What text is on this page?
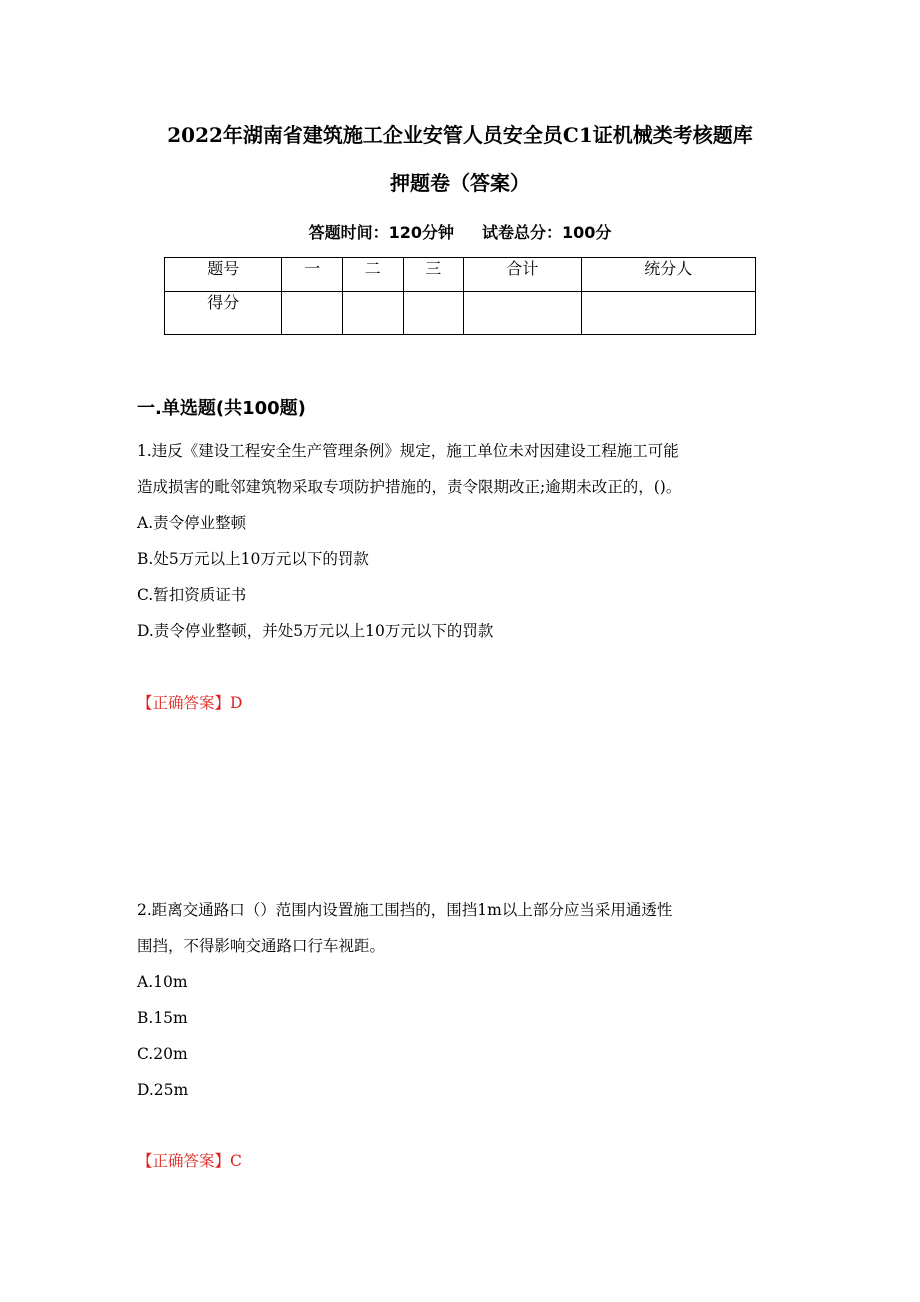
2022年湖南省建筑施工企业安管人员安全员C1证机械类考核题库
押题卷（答案）
答题时间：120分钟 试卷总分：100分
题号	一	二	三	合计	统分人
得分					
一.单选题(共100题)
1.违反《建设工程安全生产管理条例》规定，施工单位未对因建设工程施工可能
造成损害的毗邻建筑物采取专项防护措施的，责令限期改正;逾期未改正的，()。
A.责令停业整顿
B.处5万元以上10万元以下的罚款
C.暂扣资质证书
D.责令停业整顿，并处5万元以上10万元以下的罚款
【正确答案】D
2.距离交通路口（）范围内设置施工围挡的，围挡1m以上部分应当采用通透性
围挡，不得影响交通路口行车视距。
A.10m
B.15m
C.20m
D.25m
【正确答案】C
